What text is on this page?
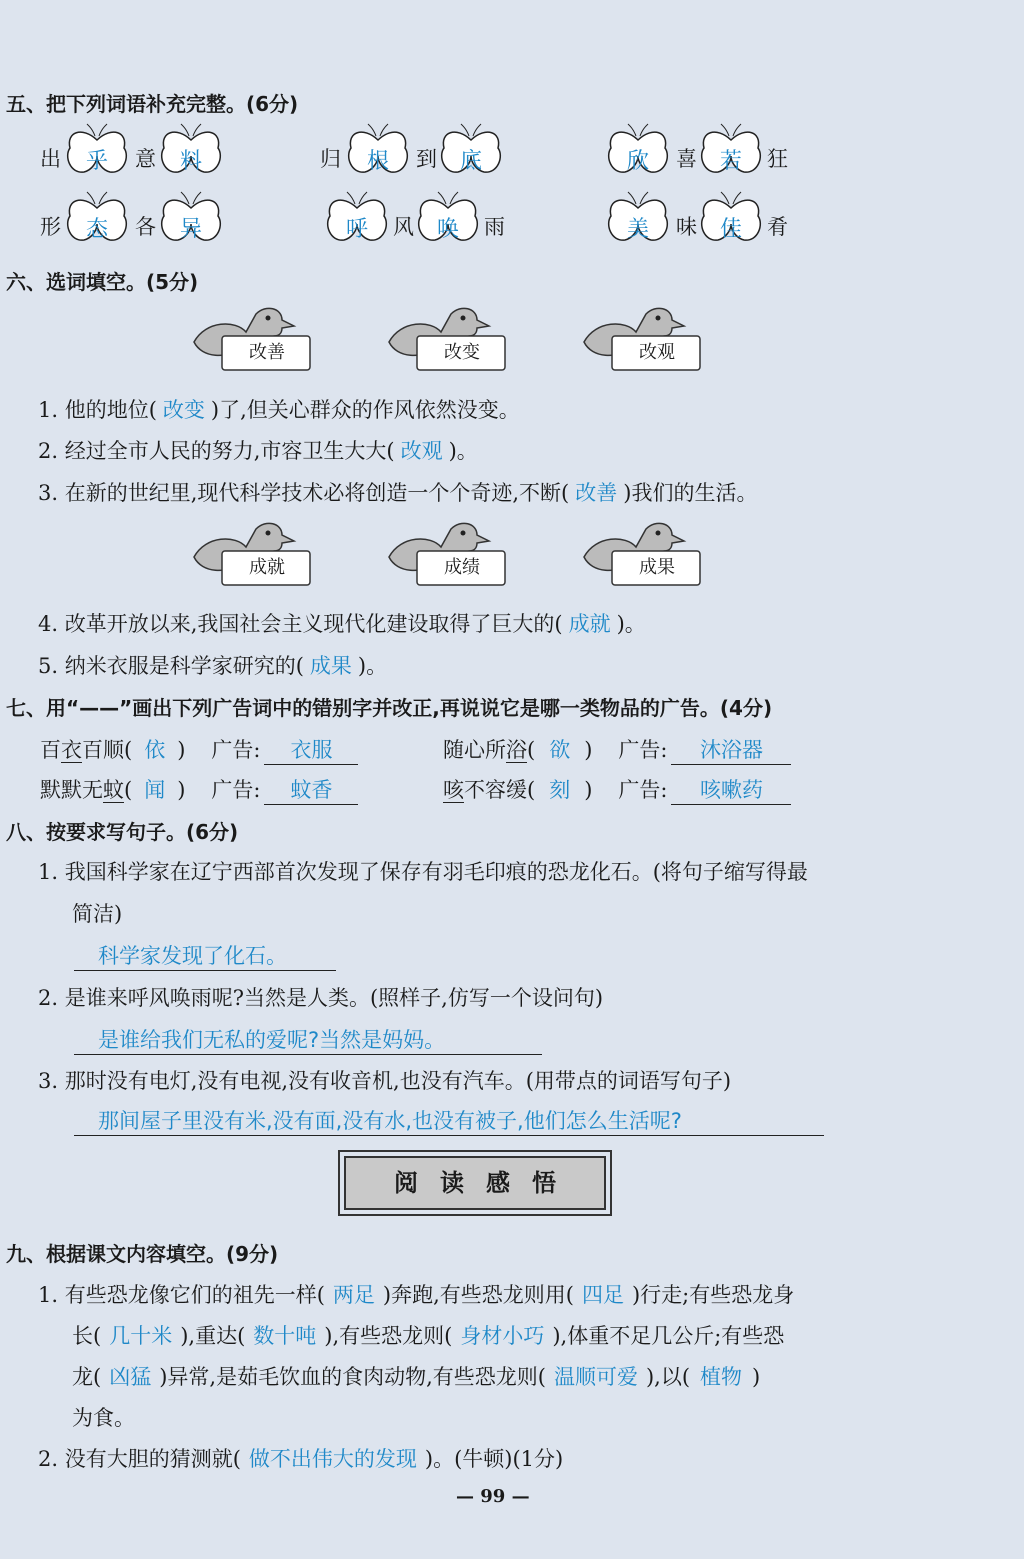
五、把下列词语补充完整。(6分)
出	乎	意	料	归	根	到	底	欣	喜	若	狂
形	态	各	异	呼	风	唤	雨	美	味	佳	肴
六、选词填空。(5分)
改善	改变	改观
1. 他的地位( 改变 )了,但关心群众的作风依然没变。
2. 经过全市人民的努力,市容卫生大大( 改观 )。
3. 在新的世纪里,现代科学技术必将创造一个个奇迹,不断( 改善 )我们的生活。
成就	成绩	成果
4. 改革开放以来,我国社会主义现代化建设取得了巨大的( 成就 )。
5. 纳米衣服是科学家研究的( 成果 )。
七、用“——”画出下列广告词中的错别字并改正,再说说它是哪一类物品的广告。(4分)
百衣百顺( 依 ) 广告: 衣服	随心所浴( 欲 ) 广告: 沐浴器
默默无蚊( 闻 ) 广告: 蚊香	咳不容缓( 刻 ) 广告: 咳嗽药
八、按要求写句子。(6分)
1. 我国科学家在辽宁西部首次发现了保存有羽毛印痕的恐龙化石。(将句子缩写得最
简洁)
科学家发现了化石。
2. 是谁来呼风唤雨呢?当然是人类。(照样子,仿写一个设问句)
是谁给我们无私的爱呢?当然是妈妈。
3. 那时没有电灯,没有电视,没有收音机,也没有汽车。(用带点的词语写句子)
那间屋子里没有米,没有面,没有水,也没有被子,他们怎么生活呢?
阅读感悟
九、根据课文内容填空。(9分)
1. 有些恐龙像它们的祖先一样( 两足 )奔跑,有些恐龙则用( 四足 )行走;有些恐龙身
长( 几十米 ),重达( 数十吨 ),有些恐龙则( 身材小巧 ),体重不足几公斤;有些恐
龙( 凶猛 )异常,是茹毛饮血的食肉动物,有些恐龙则( 温顺可爱 ),以( 植物 )
为食。
2. 没有大胆的猜测就( 做不出伟大的发现 )。(牛顿)(1分)
— 99 —
